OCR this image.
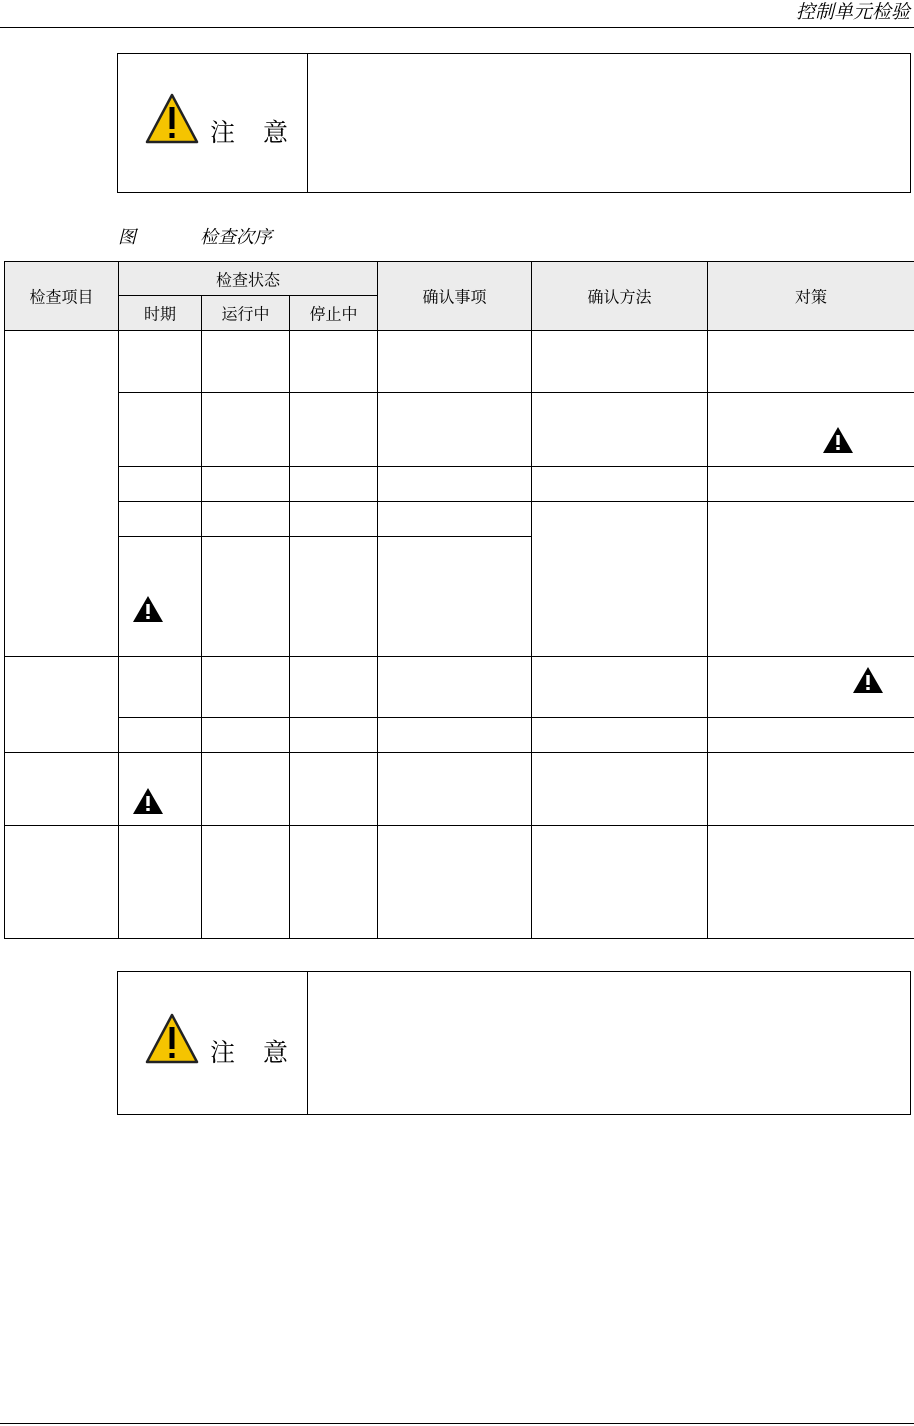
控制单元检验
注 意
图	检查次序
检查项目	检查状态			确认事项	确认方法	对策

	时期	运行中	停止中			

注 意
